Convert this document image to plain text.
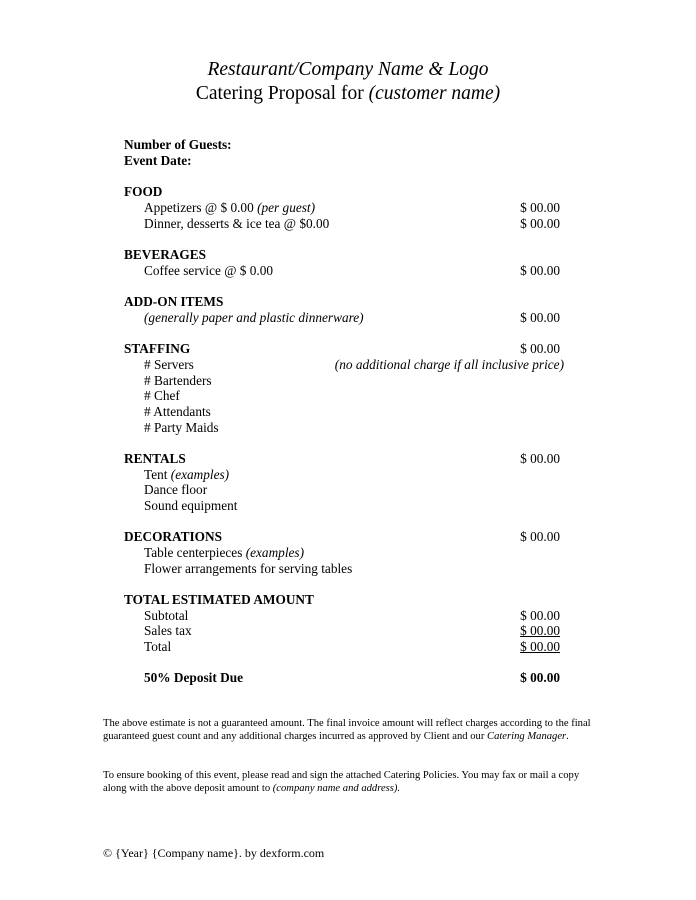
Restaurant/Company Name & Logo
Catering Proposal for (customer name)
Number of Guests:
Event Date:
FOOD
Appetizers @ $ 0.00 (per guest)	$ 00.00
Dinner, desserts & ice tea @ $0.00	$ 00.00
BEVERAGES
Coffee service @ $ 0.00	$ 00.00
ADD-ON ITEMS
(generally paper and plastic dinnerware)	$ 00.00
STAFFING	$ 00.00
# Servers	(no additional charge if all inclusive price)
# Bartenders
# Chef
# Attendants
# Party Maids
RENTALS	$ 00.00
Tent (examples)
Dance floor
Sound equipment
DECORATIONS	$ 00.00
Table centerpieces (examples)
Flower arrangements for serving tables
TOTAL ESTIMATED AMOUNT
Subtotal	$ 00.00
Sales tax	$ 00.00
Total	$ 00.00
50% Deposit Due	$ 00.00
The above estimate is not a guaranteed amount. The final invoice amount will reflect charges according to the final guaranteed guest count and any additional charges incurred as approved by Client and our Catering Manager.
To ensure booking of this event, please read and sign the attached Catering Policies. You may fax or mail a copy along with the above deposit amount to (company name and address).
© {Year} {Company name}. by dexform.com
